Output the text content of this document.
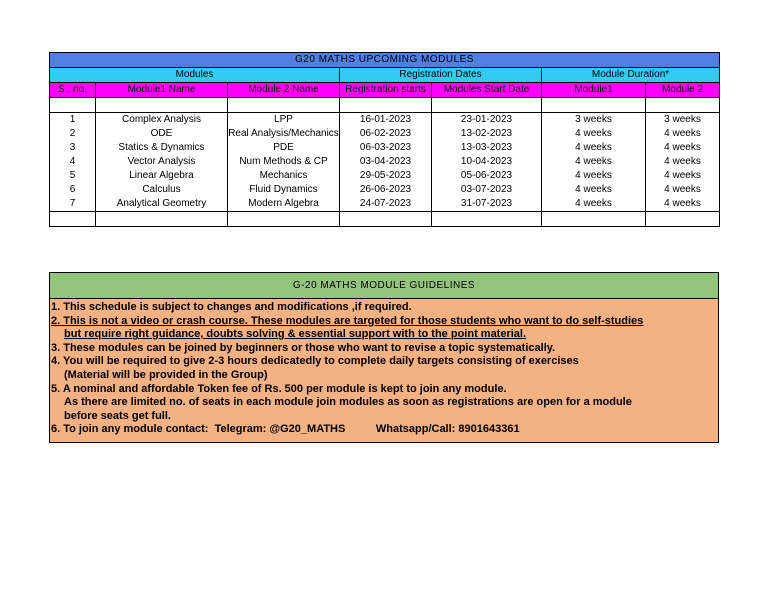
G20 MATHS UPCOMING MODULES						
Modules			Registration Dates		Module Duration*	
S . no.	Module1 Name	Module 2 Name	Registration starts	Modules Start Date	Module1	Module 2

1	Complex Analysis	LPP	16-01-2023	23-01-2023	3 weeks	3 weeks
2	ODE	Real Analysis/Mechanics	06-02-2023	13-02-2023	4 weeks	4 weeks
3	Statics & Dynamics	PDE	06-03-2023	13-03-2023	4 weeks	4 weeks
4	Vector Analysis	Num Methods & CP	03-04-2023	10-04-2023	4 weeks	4 weeks
5	Linear Algebra	Mechanics	29-05-2023	05-06-2023	4 weeks	4 weeks
6	Calculus	Fluid Dynamics	26-06-2023	03-07-2023	4 weeks	4 weeks
7	Analytical Geometry	Modern Algebra	24-07-2023	31-07-2023	4 weeks	4 weeks

G-20 MATHS MODULE GUIDELINES
1. This schedule is subject to changes and modifications ,if required.
2. This is not a video or crash course. These modules are targeted for those students who want to do self-studies
but require right guidance, doubts solving & essential support with to the point material.
3. These modules can be joined by beginners or those who want to revise a topic systematically.
4. You will be required to give 2-3 hours dedicatedly to complete daily targets consisting of exercises
(Material will be provided in the Group)
5. A nominal and affordable Token fee of Rs. 500 per module is kept to join any module.
As there are limited no. of seats in each module join modules as soon as registrations are open for a module
before seats get full.
6. To join any module contact:  Telegram: @G20_MATHS          Whatsapp/Call: 8901643361
